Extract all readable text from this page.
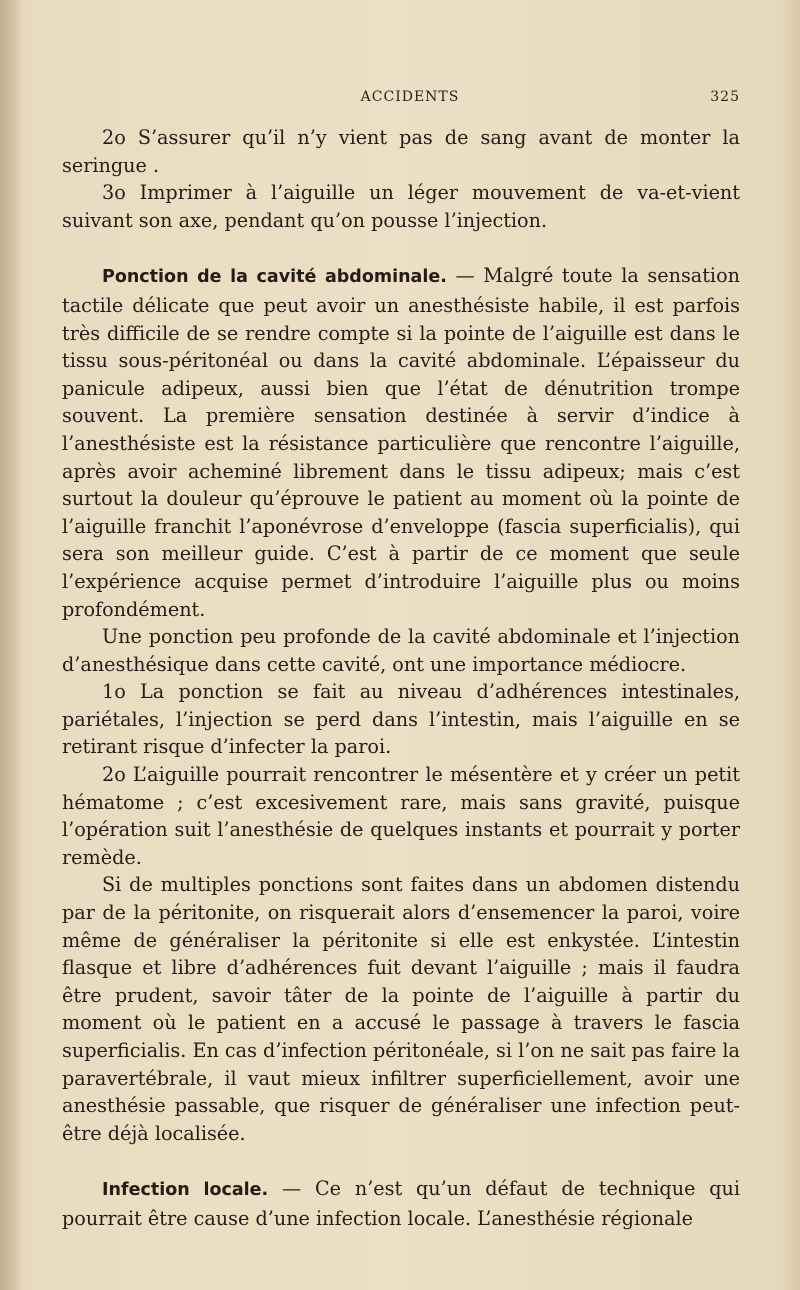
ACCIDENTS	325

2o S’assurer qu’il n’y vient pas de sang avant de monter la seringue .

3o Imprimer à l’aiguille un léger mouvement de va-et-vient suivant son axe, pendant qu’on pousse l’injection.

Ponction de la cavité abdominale. — Malgré toute la sensation tactile délicate que peut avoir un anesthésiste habile, il est parfois très difficile de se rendre compte si la pointe de l’aiguille est dans le tissu sous-péritonéal ou dans la cavité abdominale. L’épaisseur du panicule adipeux, aussi bien que l’état de dénutrition trompe souvent. La première sensation destinée à servir d’indice à l’anesthésiste est la résistance particulière que rencontre l’aiguille, après avoir acheminé librement dans le tissu adipeux; mais c’est surtout la douleur qu’éprouve le patient au moment où la pointe de l’aiguille franchit l’aponévrose d’enveloppe (fascia superficialis), qui sera son meilleur guide. C’est à partir de ce moment que seule l’expérience acquise permet d’introduire l’aiguille plus ou moins profondément.

Une ponction peu profonde de la cavité abdominale et l’injection d’anesthésique dans cette cavité, ont une importance médiocre.

1o La ponction se fait au niveau d’adhérences intestinales, pariétales, l’injection se perd dans l’intestin, mais l’aiguille en se retirant risque d’infecter la paroi.

2o L’aiguille pourrait rencontrer le mésentère et y créer un petit hématome ; c’est excesivement rare, mais sans gravité, puisque l’opération suit l’anesthésie de quelques instants et pourrait y porter remède.

Si de multiples ponctions sont faites dans un abdomen distendu par de la péritonite, on risquerait alors d’ensemencer la paroi, voire même de généraliser la péritonite si elle est enkystée. L’intestin flasque et libre d’adhérences fuit devant l’aiguille ; mais il faudra être prudent, savoir tâter de la pointe de l’aiguille à partir du moment où le patient en a accusé le passage à travers le fascia superficialis. En cas d’infection péritonéale, si l’on ne sait pas faire la paravertébrale, il vaut mieux infiltrer superficiellement, avoir une anesthésie passable, que risquer de généraliser une infection peut-être déjà localisée.

Infection locale. — Ce n’est qu’un défaut de technique qui pourrait être cause d’une infection locale. L’anesthésie régionale
